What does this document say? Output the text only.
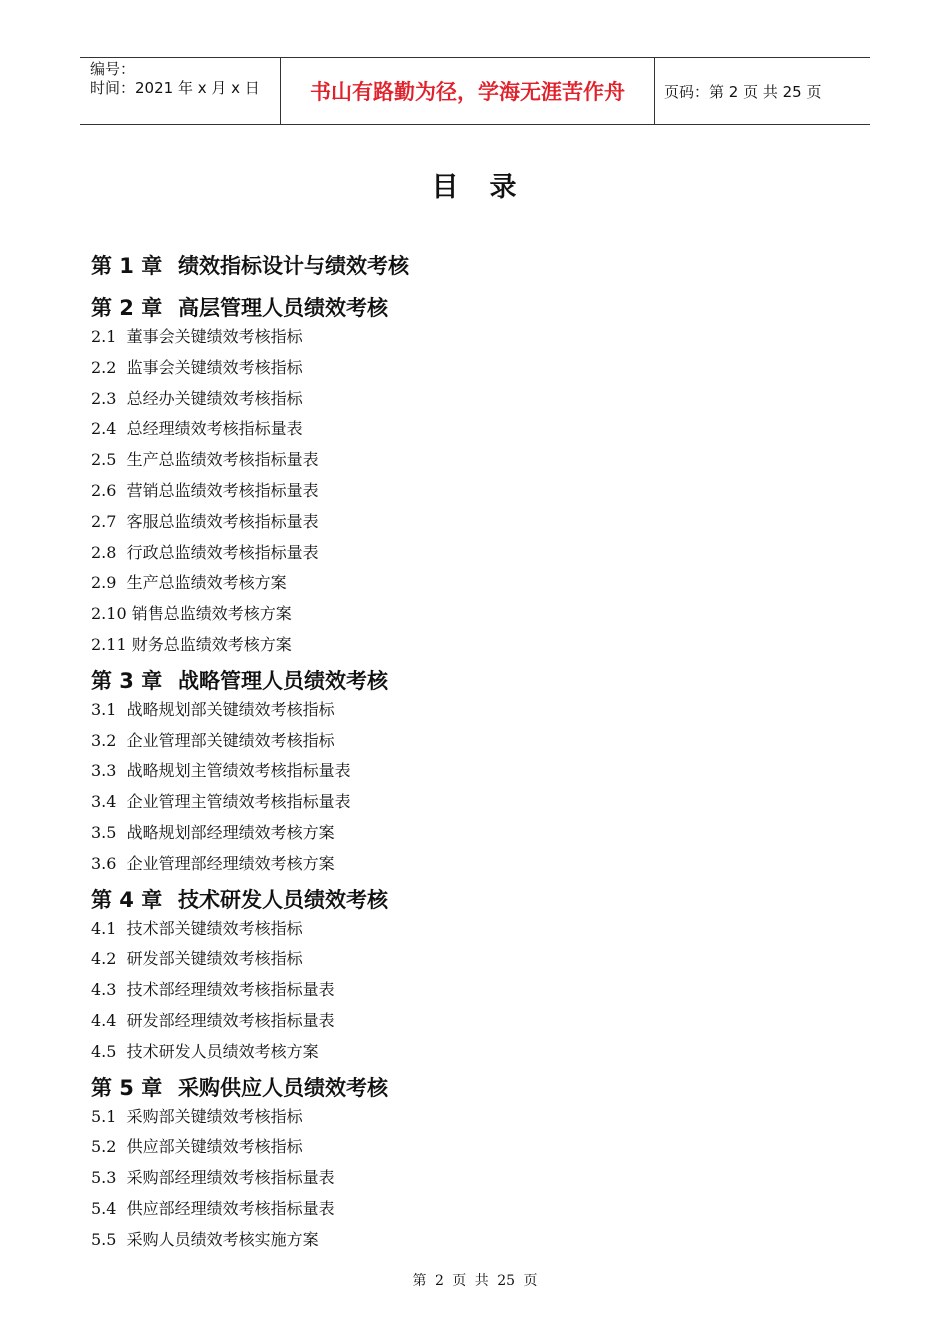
编号：
时间：2021 年 x 月 x 日	书山有路勤为径，学海无涯苦作舟	页码：第 2 页 共 25 页
目　录
第 1 章 绩效指标设计与绩效考核
第 2 章 高层管理人员绩效考核
2.1  董事会关键绩效考核指标
2.2  监事会关键绩效考核指标
2.3  总经办关键绩效考核指标
2.4  总经理绩效考核指标量表
2.5  生产总监绩效考核指标量表
2.6  营销总监绩效考核指标量表
2.7  客服总监绩效考核指标量表
2.8  行政总监绩效考核指标量表
2.9  生产总监绩效考核方案
2.10 销售总监绩效考核方案
2.11 财务总监绩效考核方案
第 3 章 战略管理人员绩效考核
3.1  战略规划部关键绩效考核指标
3.2  企业管理部关键绩效考核指标
3.3  战略规划主管绩效考核指标量表
3.4  企业管理主管绩效考核指标量表
3.5  战略规划部经理绩效考核方案
3.6  企业管理部经理绩效考核方案
第 4 章 技术研发人员绩效考核
4.1  技术部关键绩效考核指标
4.2  研发部关键绩效考核指标
4.3  技术部经理绩效考核指标量表
4.4  研发部经理绩效考核指标量表
4.5  技术研发人员绩效考核方案
第 5 章 采购供应人员绩效考核
5.1  采购部关键绩效考核指标
5.2  供应部关键绩效考核指标
5.3  采购部经理绩效考核指标量表
5.4  供应部经理绩效考核指标量表
5.5  采购人员绩效考核实施方案
第 2 页 共 25 页
